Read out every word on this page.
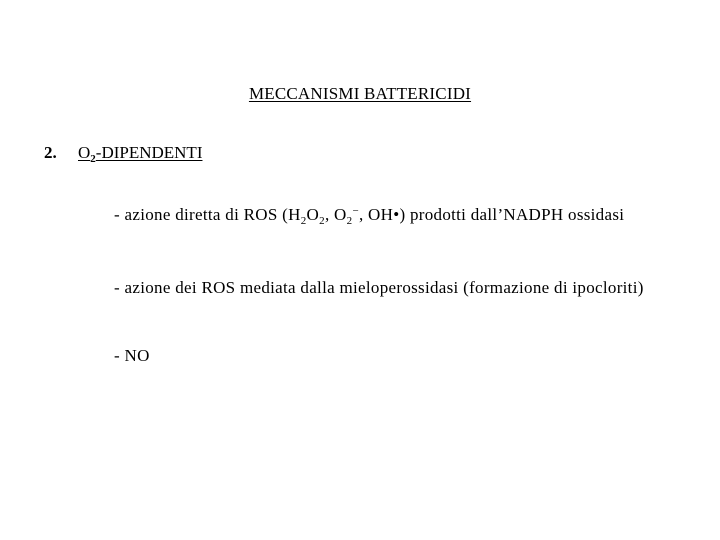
MECCANISMI BATTERICIDI
2. $O_2$-DIPENDENTI
- azione diretta di ROS ($H_2O_2$, $O_2^-$, OH•) prodotti dall’NADPH ossidasi
- azione dei ROS mediata dalla mieloperossidasi (formazione di ipocloriti)
- NO
